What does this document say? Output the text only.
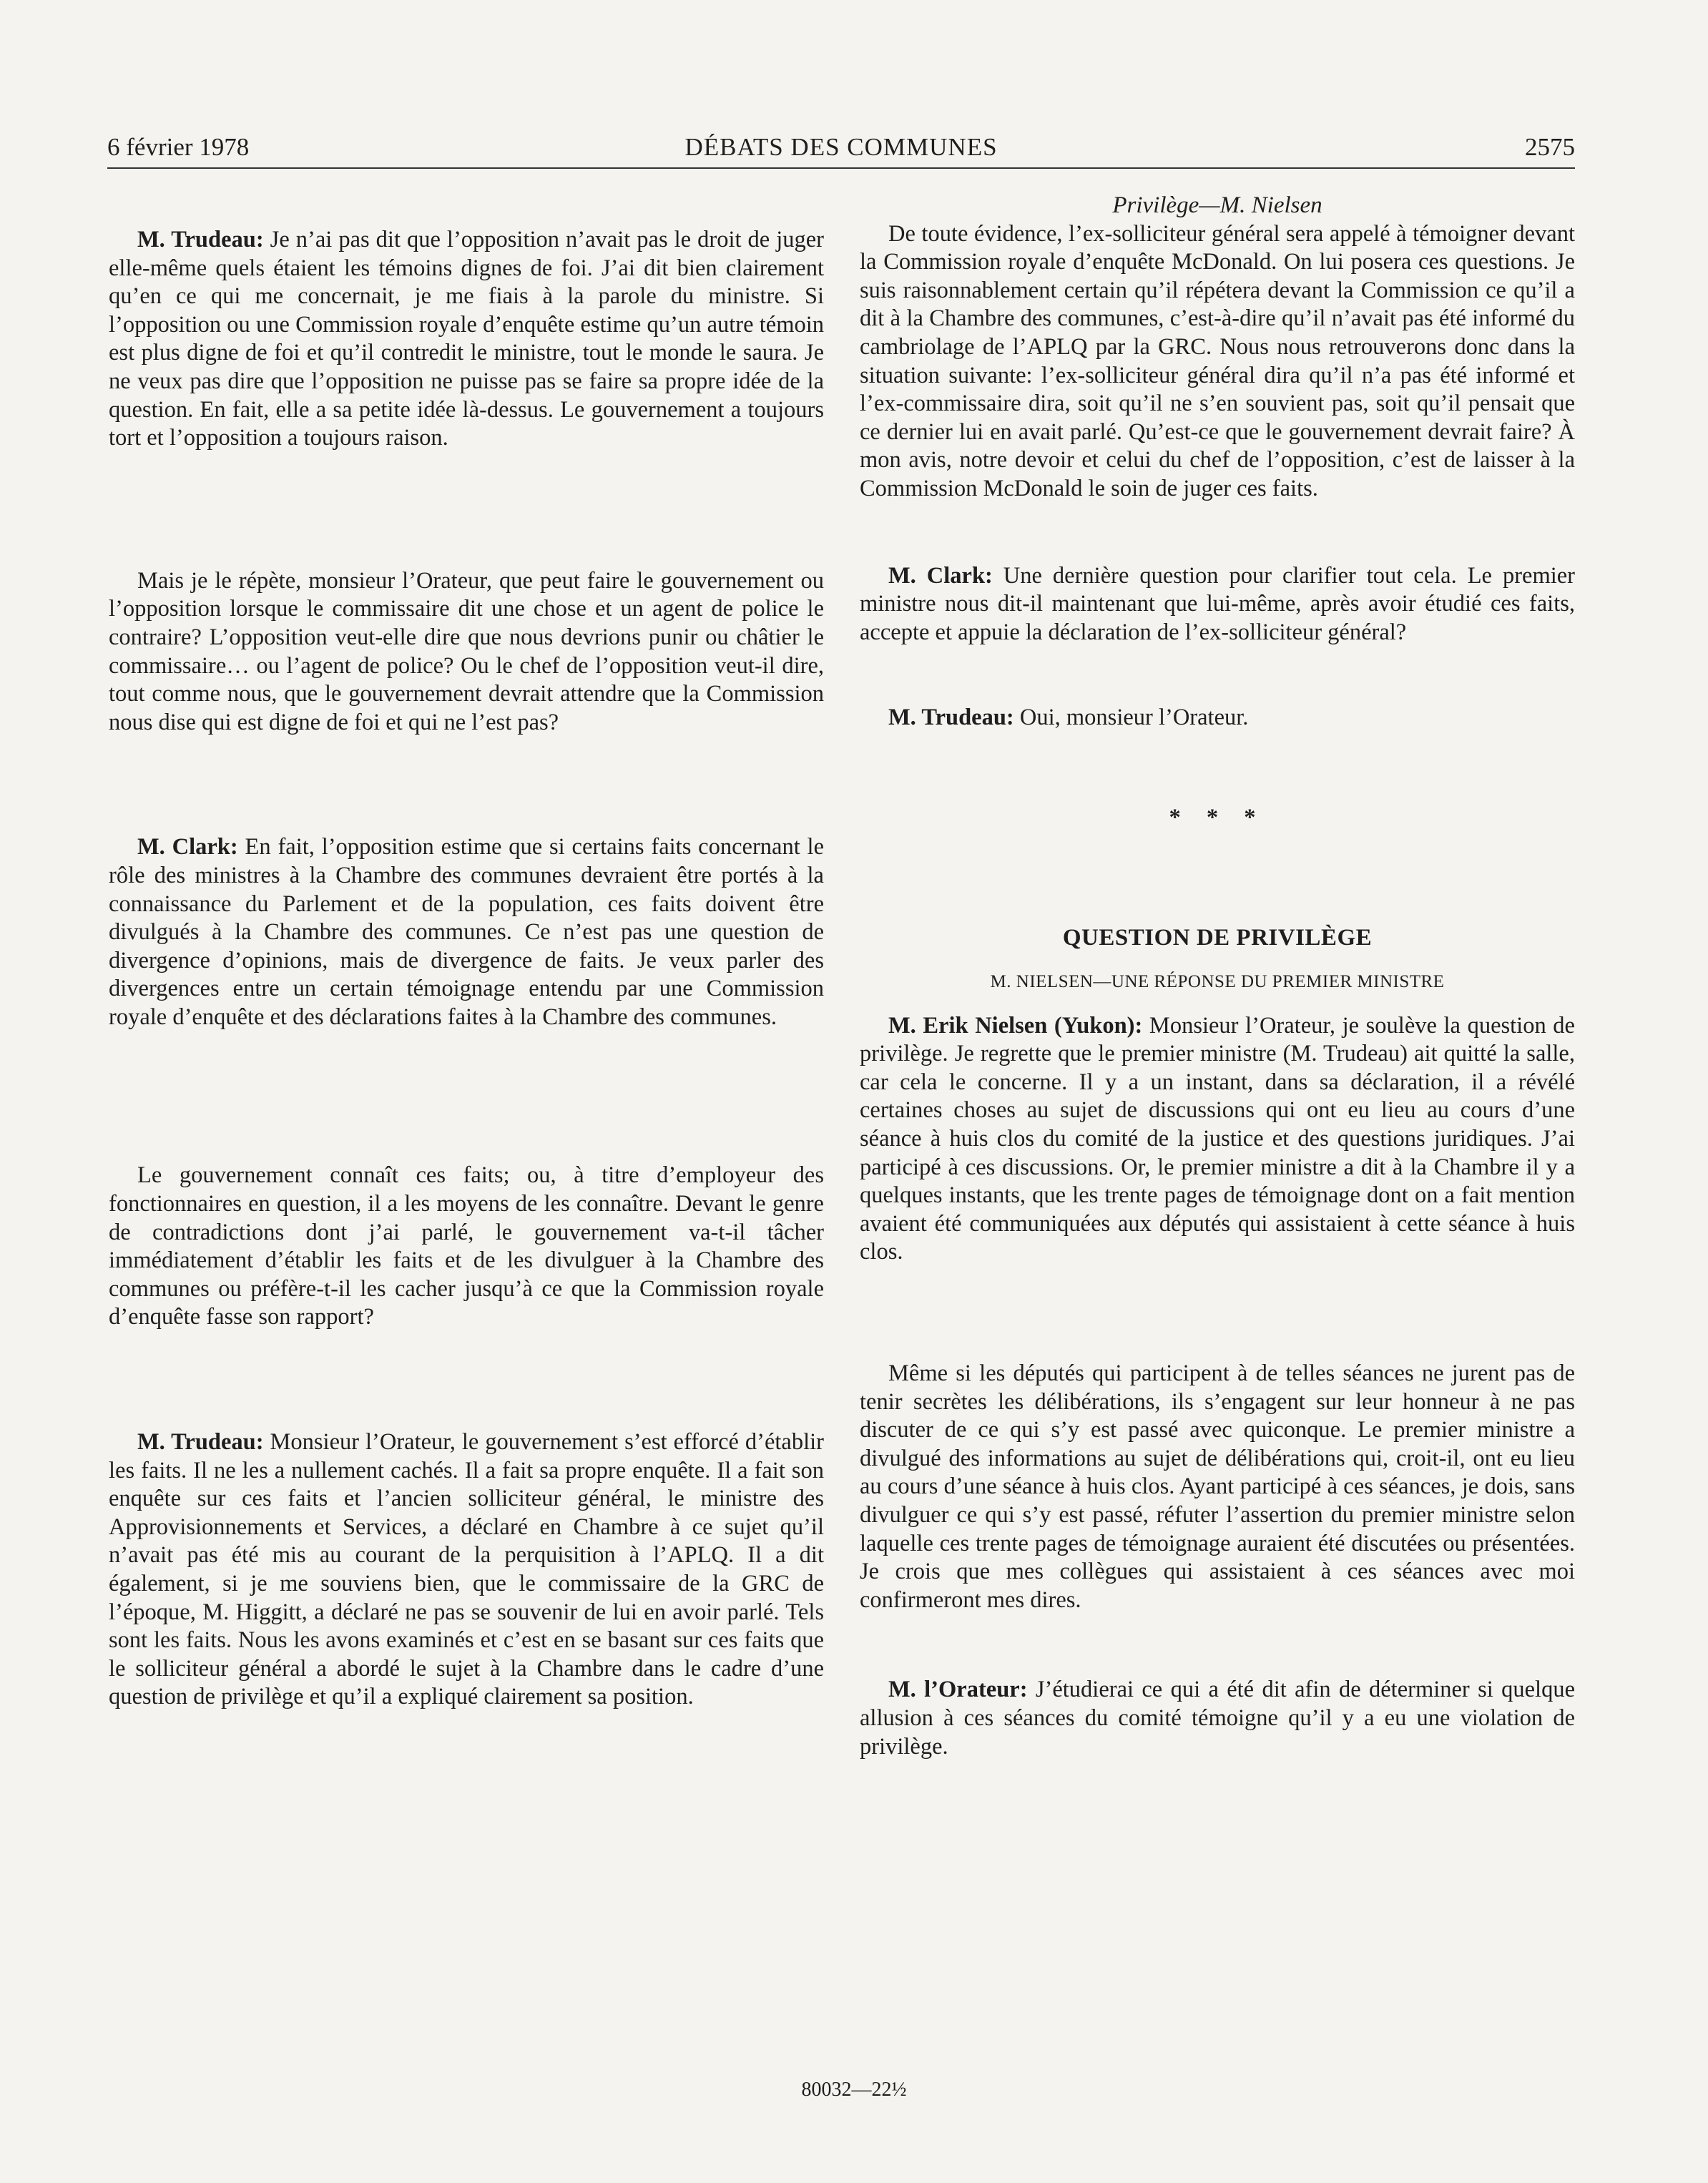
6 février 1978	DÉBATS DES COMMUNES	2575

M. Trudeau: Je n’ai pas dit que l’opposition n’avait pas le droit de juger elle-même quels étaient les témoins dignes de foi. J’ai dit bien clairement qu’en ce qui me concernait, je me fiais à la parole du ministre. Si l’opposition ou une Commission royale d’enquête estime qu’un autre témoin est plus digne de foi et qu’il contredit le ministre, tout le monde le saura. Je ne veux pas dire que l’opposition ne puisse pas se faire sa propre idée de la question. En fait, elle a sa petite idée là-dessus. Le gouvernement a toujours tort et l’opposition a toujours raison.

Mais je le répète, monsieur l’Orateur, que peut faire le gouvernement ou l’opposition lorsque le commissaire dit une chose et un agent de police le contraire? L’opposition veut-elle dire que nous devrions punir ou châtier le commissaire… ou l’agent de police? Ou le chef de l’opposition veut-il dire, tout comme nous, que le gouvernement devrait attendre que la Commission nous dise qui est digne de foi et qui ne l’est pas?

M. Clark: En fait, l’opposition estime que si certains faits concernant le rôle des ministres à la Chambre des communes devraient être portés à la connaissance du Parlement et de la population, ces faits doivent être divulgués à la Chambre des communes. Ce n’est pas une question de divergence d’opinions, mais de divergence de faits. Je veux parler des divergences entre un certain témoignage entendu par une Commission royale d’enquête et des déclarations faites à la Chambre des communes.

Le gouvernement connaît ces faits; ou, à titre d’employeur des fonctionnaires en question, il a les moyens de les connaître. Devant le genre de contradictions dont j’ai parlé, le gouvernement va-t-il tâcher immédiatement d’établir les faits et de les divulguer à la Chambre des communes ou préfère-t-il les cacher jusqu’à ce que la Commission royale d’enquête fasse son rapport?

M. Trudeau: Monsieur l’Orateur, le gouvernement s’est efforcé d’établir les faits. Il ne les a nullement cachés. Il a fait sa propre enquête. Il a fait son enquête sur ces faits et l’ancien solliciteur général, le ministre des Approvisionnements et Services, a déclaré en Chambre à ce sujet qu’il n’avait pas été mis au courant de la perquisition à l’APLQ. Il a dit également, si je me souviens bien, que le commissaire de la GRC de l’époque, M. Higgitt, a déclaré ne pas se souvenir de lui en avoir parlé. Tels sont les faits. Nous les avons examinés et c’est en se basant sur ces faits que le solliciteur général a abordé le sujet à la Chambre dans le cadre d’une question de privilège et qu’il a expliqué clairement sa position.

Privilège—M. Nielsen

De toute évidence, l’ex-solliciteur général sera appelé à témoigner devant la Commission royale d’enquête McDonald. On lui posera ces questions. Je suis raisonnablement certain qu’il répétera devant la Commission ce qu’il a dit à la Chambre des communes, c’est-à-dire qu’il n’avait pas été informé du cambriolage de l’APLQ par la GRC. Nous nous retrouverons donc dans la situation suivante: l’ex-solliciteur général dira qu’il n’a pas été informé et l’ex-commissaire dira, soit qu’il ne s’en souvient pas, soit qu’il pensait que ce dernier lui en avait parlé. Qu’est-ce que le gouvernement devrait faire? À mon avis, notre devoir et celui du chef de l’opposition, c’est de laisser à la Commission McDonald le soin de juger ces faits.

M. Clark: Une dernière question pour clarifier tout cela. Le premier ministre nous dit-il maintenant que lui-même, après avoir étudié ces faits, accepte et appuie la déclaration de l’ex-solliciteur général?

M. Trudeau: Oui, monsieur l’Orateur.

* * *

QUESTION DE PRIVILÈGE

M. NIELSEN—UNE RÉPONSE DU PREMIER MINISTRE

M. Erik Nielsen (Yukon): Monsieur l’Orateur, je soulève la question de privilège. Je regrette que le premier ministre (M. Trudeau) ait quitté la salle, car cela le concerne. Il y a un instant, dans sa déclaration, il a révélé certaines choses au sujet de discussions qui ont eu lieu au cours d’une séance à huis clos du comité de la justice et des questions juridiques. J’ai participé à ces discussions. Or, le premier ministre a dit à la Chambre il y a quelques instants, que les trente pages de témoignage dont on a fait mention avaient été communiquées aux députés qui assistaient à cette séance à huis clos.

Même si les députés qui participent à de telles séances ne jurent pas de tenir secrètes les délibérations, ils s’engagent sur leur honneur à ne pas discuter de ce qui s’y est passé avec quiconque. Le premier ministre a divulgué des informations au sujet de délibérations qui, croit-il, ont eu lieu au cours d’une séance à huis clos. Ayant participé à ces séances, je dois, sans divulguer ce qui s’y est passé, réfuter l’assertion du premier ministre selon laquelle ces trente pages de témoignage auraient été discutées ou présentées. Je crois que mes collègues qui assistaient à ces séances avec moi confirmeront mes dires.

M. l’Orateur: J’étudierai ce qui a été dit afin de déterminer si quelque allusion à ces séances du comité témoigne qu’il y a eu une violation de privilège.

80032—22½
